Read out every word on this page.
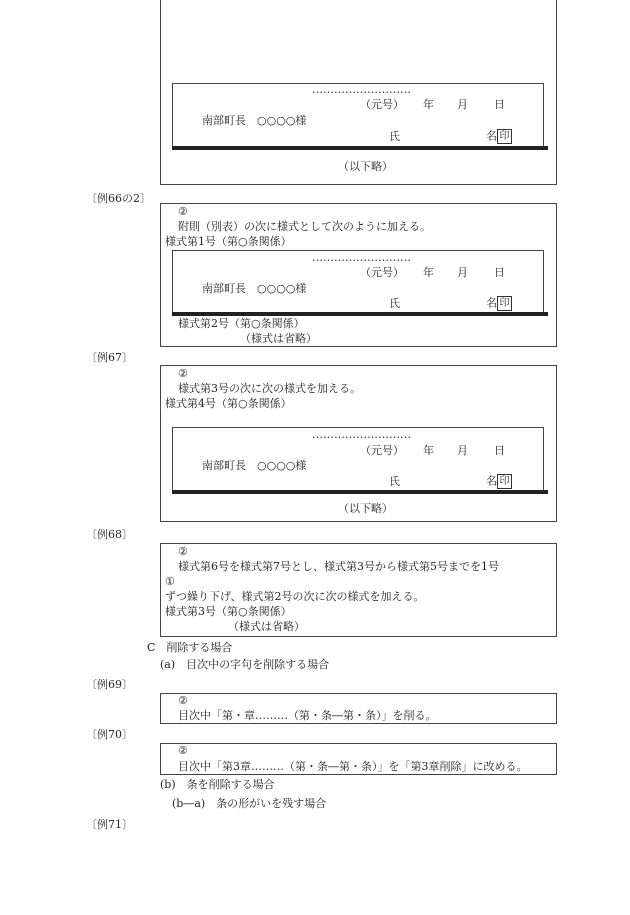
………………………
（元号） 年 月 日
南部町長　○○○○様
氏	名 印
（以下略）
〔例66の2〕
②
附則（別表）の次に様式として次のように加える。
様式第1号（第○条関係）
………………………
（元号） 年 月 日
南部町長　○○○○様
氏	名 印
様式第2号（第○条関係）
（様式は省略）
〔例67〕
②
様式第3号の次に次の様式を加える。
様式第4号（第○条関係）
………………………
（元号） 年 月 日
南部町長　○○○○様
氏	名 印
（以下略）
〔例68〕
②
様式第6号を様式第7号とし、様式第3号から様式第5号までを1号
①
ずつ繰り下げ、様式第2号の次に次の様式を加える。
様式第3号（第○条関係）
（様式は省略）
C　削除する場合
(a)　目次中の字句を削除する場合
〔例69〕
②
目次中「第・章………（第・条―第・条）」を削る。
〔例70〕
②
目次中「第3章………（第・条―第・条）」を「第3章削除」に改める。
(b)　条を削除する場合
(b―a)　条の形がいを残す場合
〔例71〕
